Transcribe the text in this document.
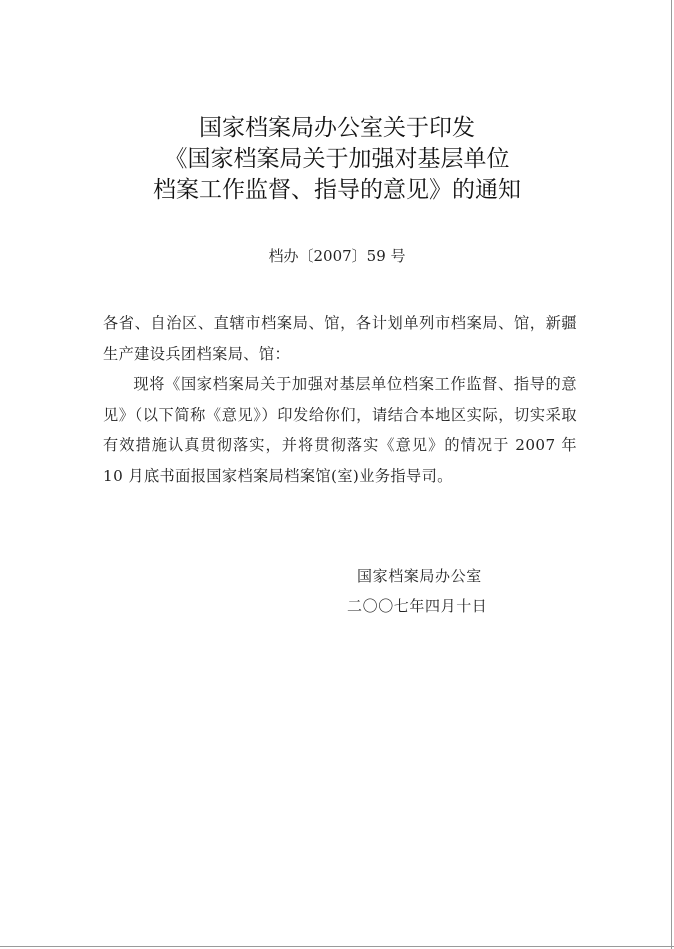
国家档案局办公室关于印发
《国家档案局关于加强对基层单位
档案工作监督、指导的意见》的通知
档办〔2007〕59 号

各省、自治区、直辖市档案局、馆，各计划单列市档案局、馆，新疆生产建设兵团档案局、馆：

现将《国家档案局关于加强对基层单位档案工作监督、指导的意见》（以下简称《意见》）印发给你们，请结合本地区实际，切实采取有效措施认真贯彻落实，并将贯彻落实《意见》的情况于 2007 年 10 月底书面报国家档案局档案馆(室)业务指导司。

国家档案局办公室
二〇〇七年四月十日
